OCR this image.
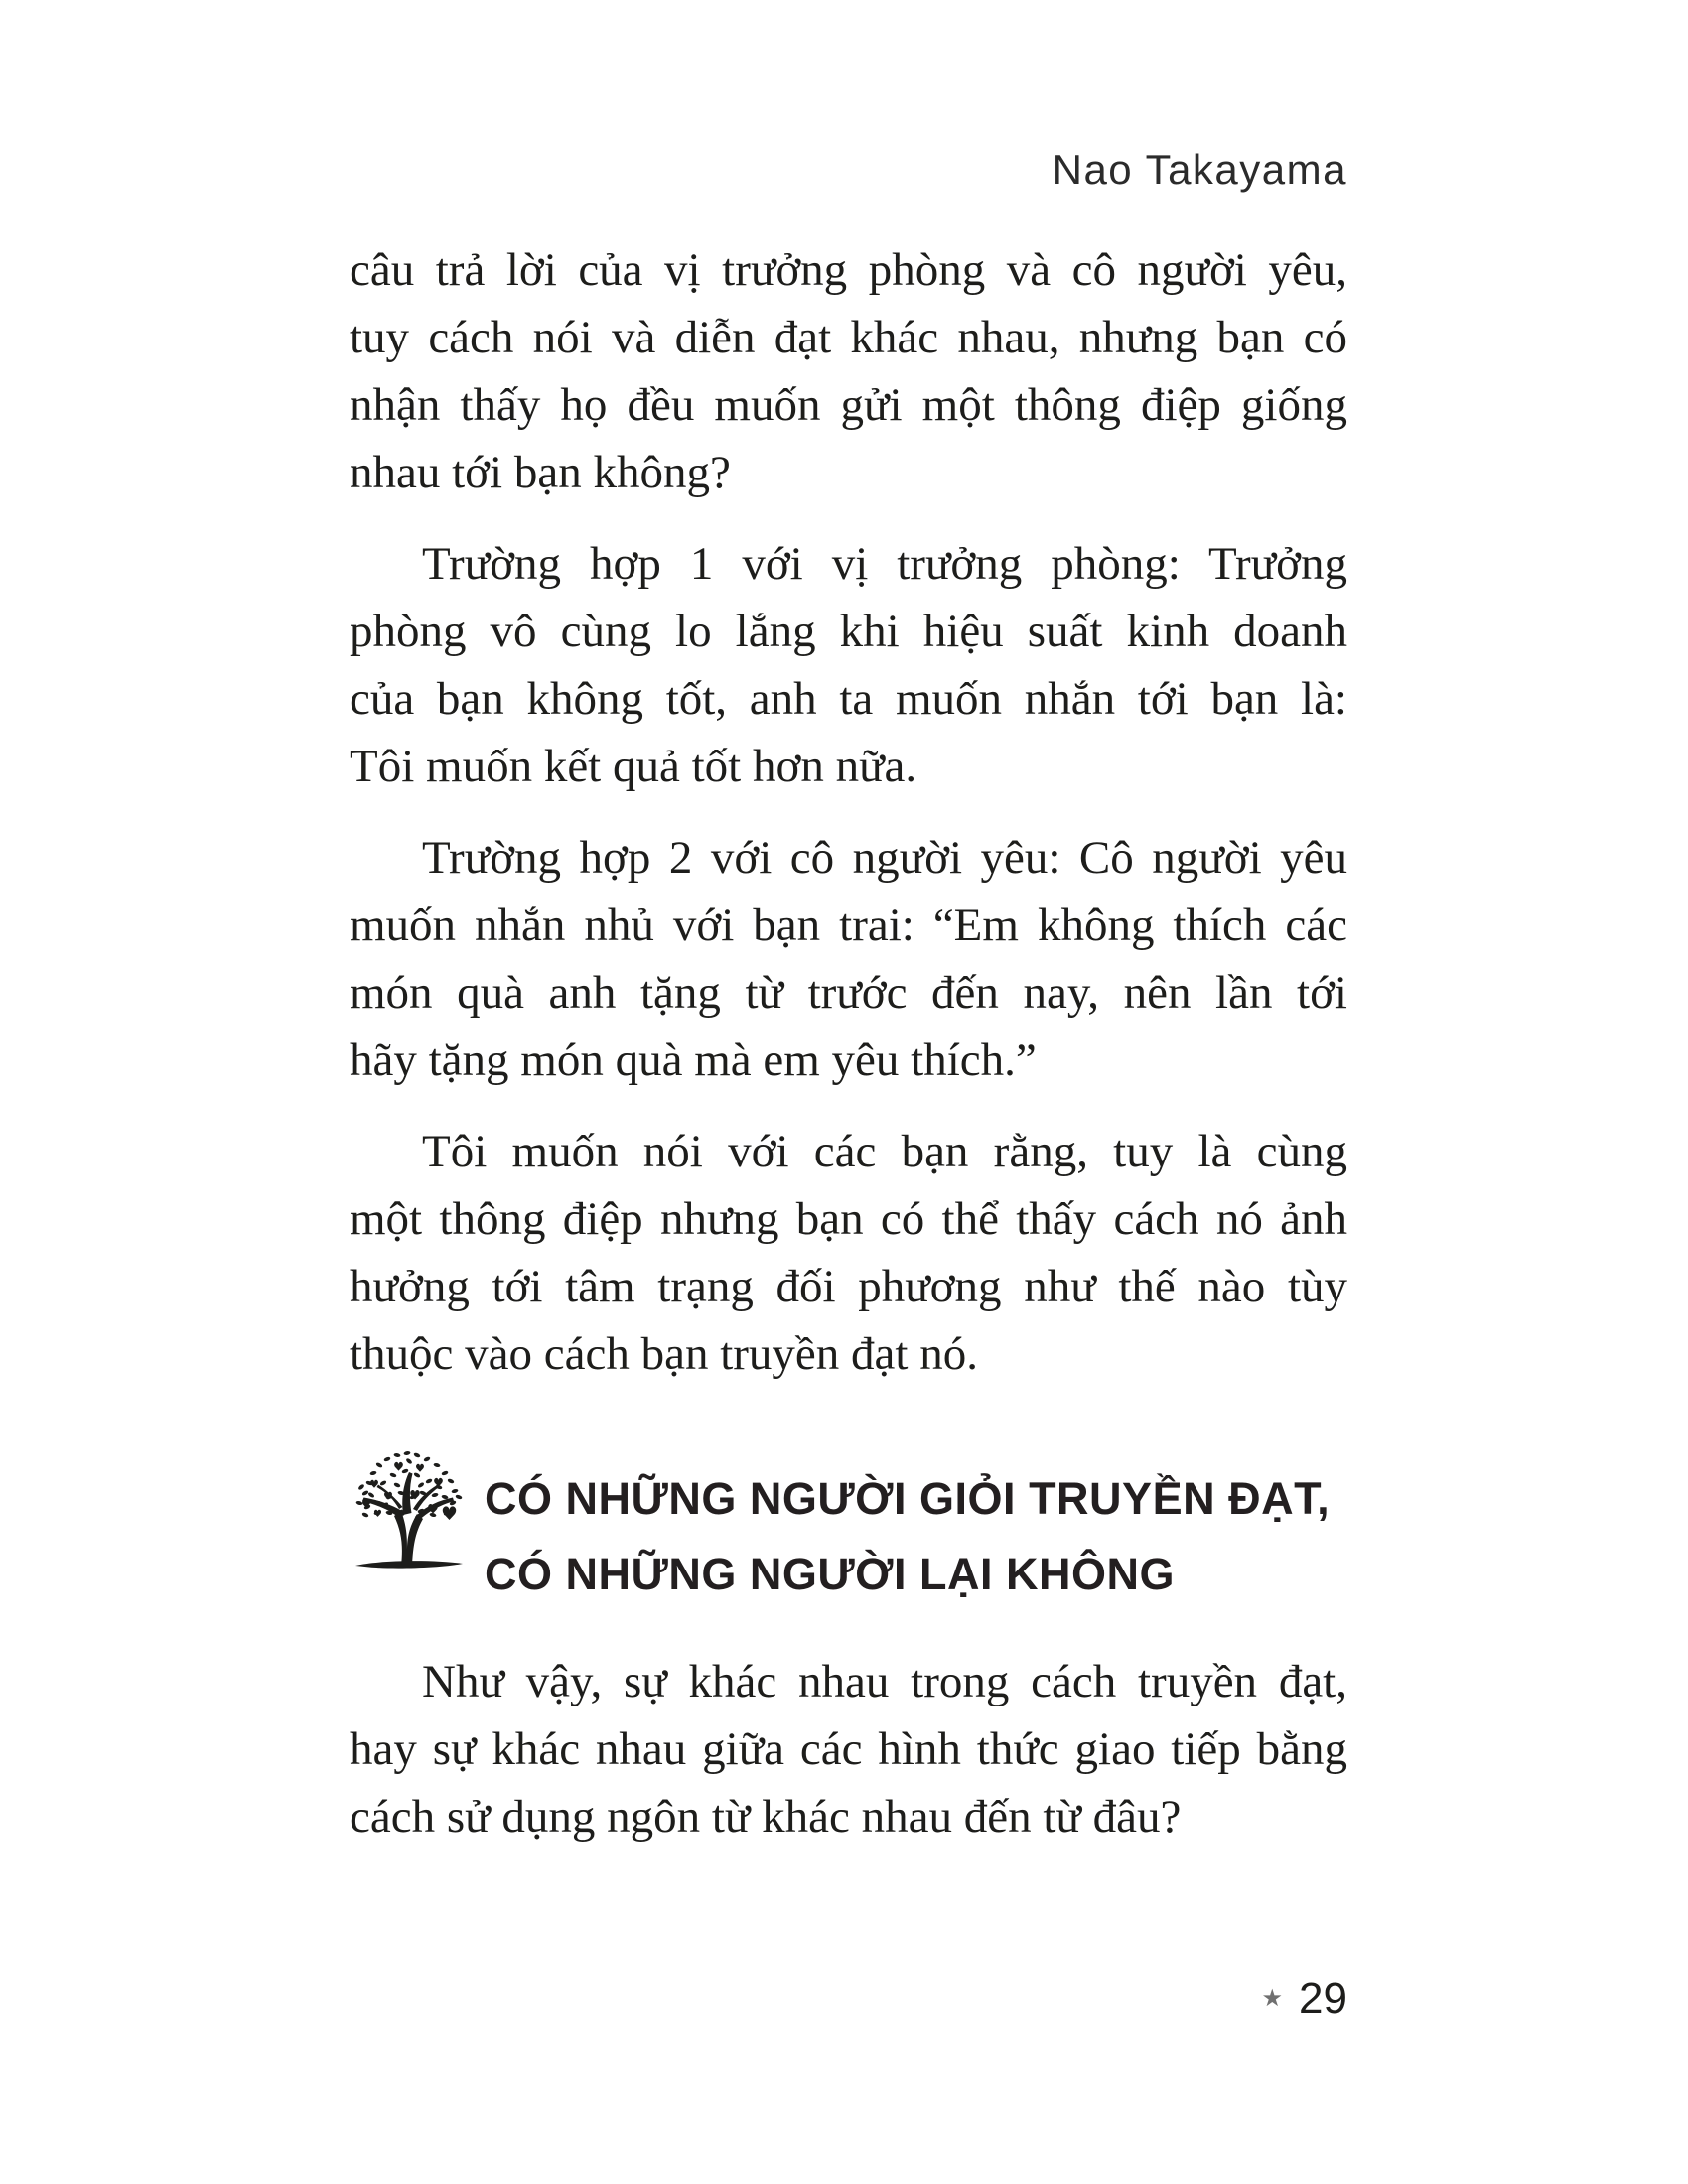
Nao Takayama
câu trả lời của vị trưởng phòng và cô người yêu,
tuy cách nói và diễn đạt khác nhau, nhưng bạn có
nhận thấy họ đều muốn gửi một thông điệp giống
nhau tới bạn không?
Trường hợp 1 với vị trưởng phòng: Trưởng
phòng vô cùng lo lắng khi hiệu suất kinh doanh
của bạn không tốt, anh ta muốn nhắn tới bạn là:
Tôi muốn kết quả tốt hơn nữa.
Trường hợp 2 với cô người yêu: Cô người yêu
muốn nhắn nhủ với bạn trai: “Em không thích các
món quà anh tặng từ trước đến nay, nên lần tới
hãy tặng món quà mà em yêu thích.”
Tôi muốn nói với các bạn rằng, tuy là cùng
một thông điệp nhưng bạn có thể thấy cách nó ảnh
hưởng tới tâm trạng đối phương như thế nào tùy
thuộc vào cách bạn truyền đạt nó.
CÓ NHỮNG NGƯỜI GIỎI TRUYỀN ĐẠT,
CÓ NHỮNG NGƯỜI LẠI KHÔNG
Như vậy, sự khác nhau trong cách truyền đạt,
hay sự khác nhau giữa các hình thức giao tiếp bằng
cách sử dụng ngôn từ khác nhau đến từ đâu?
★ 29
